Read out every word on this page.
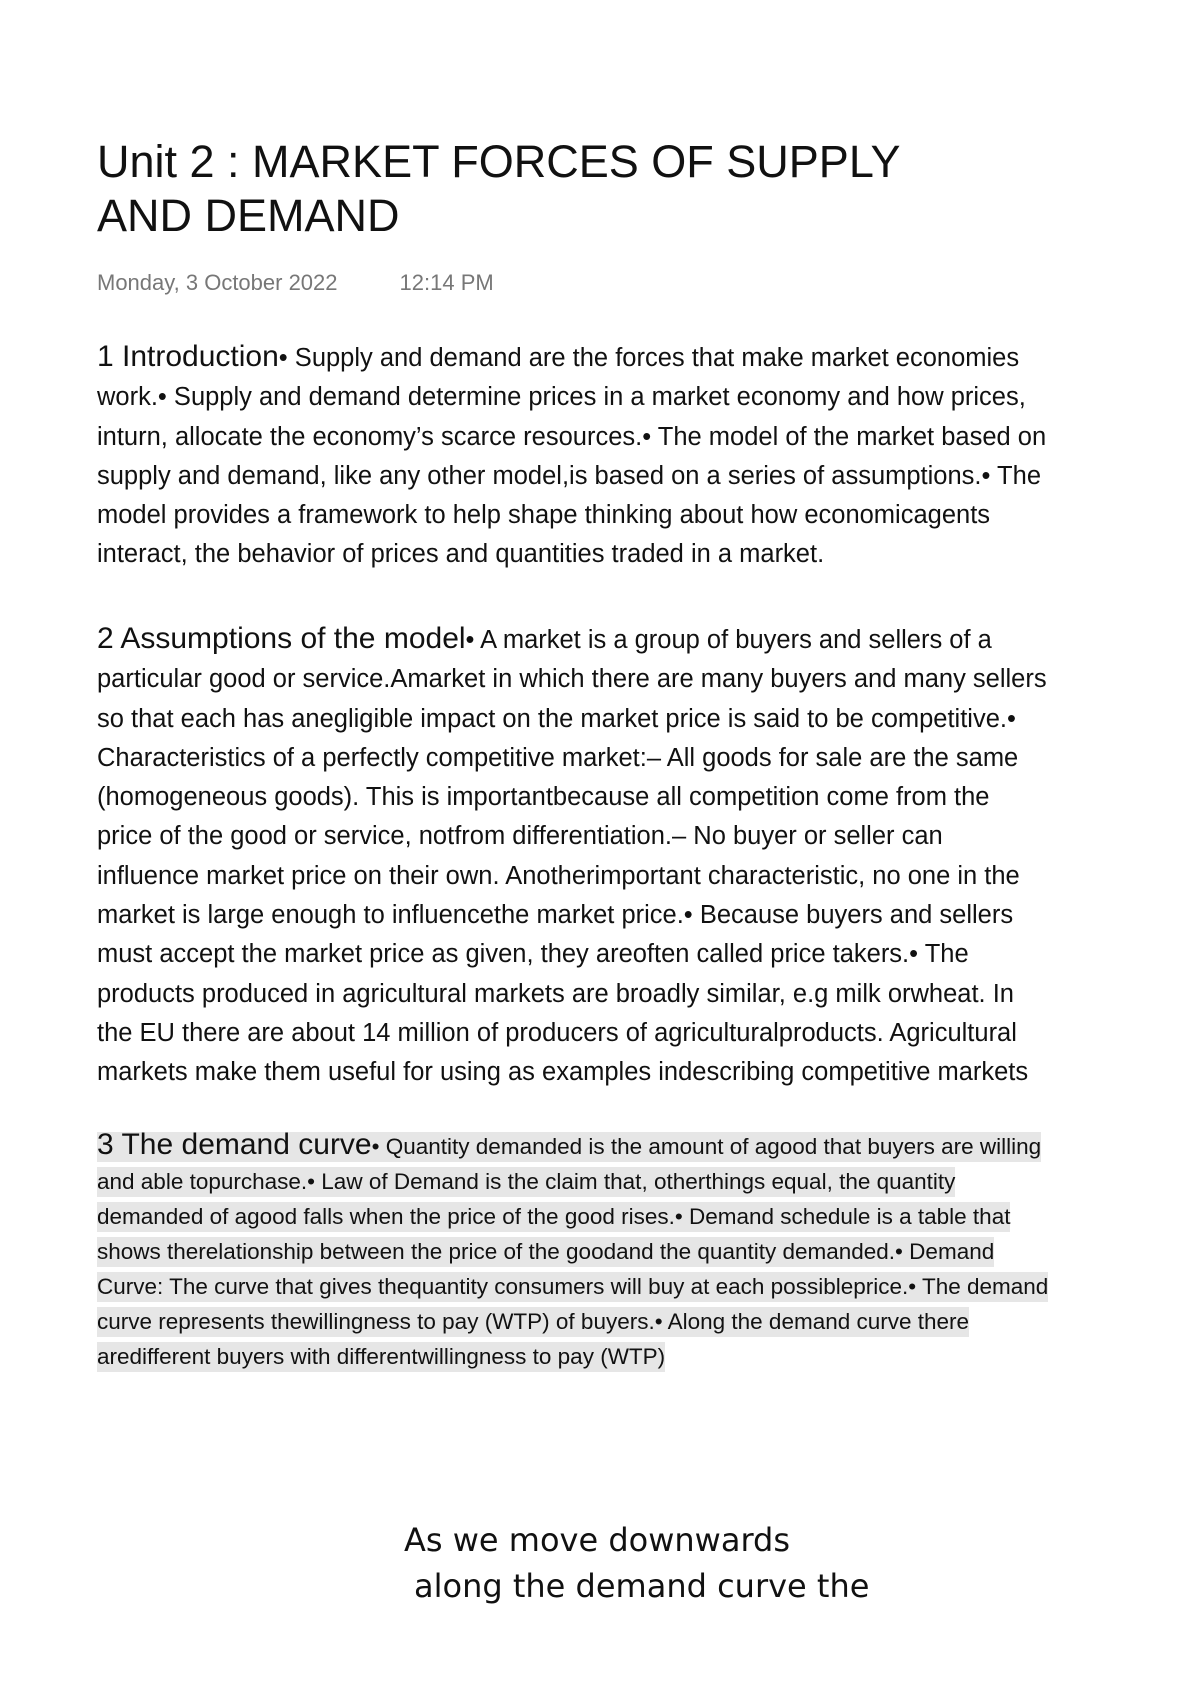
Unit 2 : MARKET FORCES OF SUPPLY
AND DEMAND
Monday, 3 October 2022	12:14 PM

1 Introduction• Supply and demand are the forces that make market economies

work.• Supply and demand determine prices in a market economy and how prices,

inturn, allocate the economy’s scarce resources.• The model of the market based on

supply and demand, like any other model,is based on a series of assumptions.• The

model provides a framework to help shape thinking about how economicagents

interact, the behavior of prices and quantities traded in a market.

2 Assumptions of the model• A market is a group of buyers and sellers of a

particular good or service.Amarket in which there are many buyers and many sellers

so that each has anegligible impact on the market price is said to be competitive.•

Characteristics of a perfectly competitive market:– All goods for sale are the same

(homogeneous goods). This is importantbecause all competition come from the

price of the good or service, notfrom differentiation.– No buyer or seller can

influence market price on their own. Anotherimportant characteristic, no one in the

market is large enough to influencethe market price.• Because buyers and sellers

must accept the market price as given, they areoften called price takers.• The

products produced in agricultural markets are broadly similar, e.g milk orwheat. In

the EU there are about 14 million of producers of agriculturalproducts. Agricultural

markets make them useful for using as examples indescribing competitive markets

3 The demand curve• Quantity demanded is the amount of agood that buyers are willing

and able topurchase.• Law of Demand is the claim that, otherthings equal, the quantity

demanded of agood falls when the price of the good rises.• Demand schedule is a table that

shows therelationship between the price of the goodand the quantity demanded.• Demand

Curve: The curve that gives thequantity consumers will buy at each possibleprice.• The demand

curve represents thewillingness to pay (WTP) of buyers.• Along the demand curve there

aredifferent buyers with differentwillingness to pay (WTP)

As we move downwards
along the demand curve the
